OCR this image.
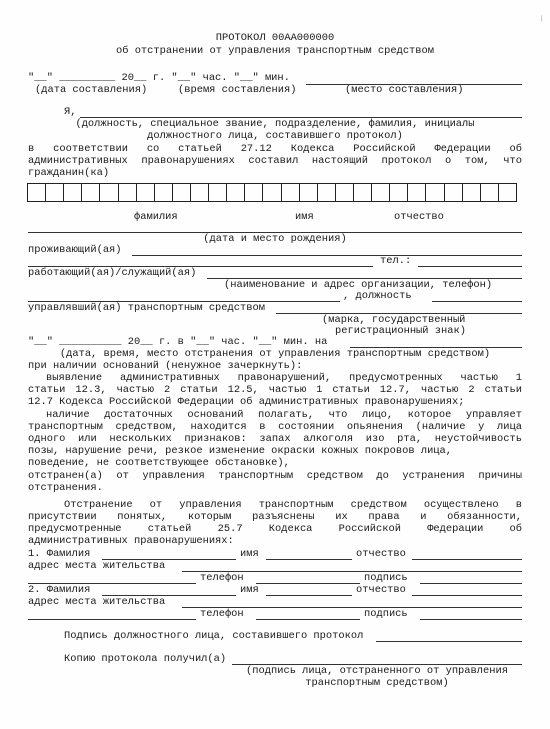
|
ПРОТОКОЛ 00АА000000
об отстранении от управления транспортным средством
"__" _________ 20__ г. "__" час. "__" мин.
(дата составления)	(время составления)	(место составления)
Я,
(должность, специальное звание, подразделение, фамилия, инициалы
должностного лица, составившего протокол)
в соответствии со статьей 27.12 Кодекса Российской Федерации об
административных правонарушениях составил настоящий протокол о том, что
гражданин(ка)
фамилия	имя	отчество
(дата и место рождения)
проживающий(ая)
тел.:
работающий(ая)/служащий(ая)
(наименование и адрес организации, телефон)
, должность
управлявший(ая) транспортным средством
(марка, государственный
регистрационный знак)
"__" __________ 20__ г. в "__" час. "__" мин. на
(дата, время, место отстранения от управления транспортным средством)
при наличии оснований (ненужное зачеркнуть):
выявление административных правонарушений, предусмотренных частью 1
статьи 12.3, частью 2 статьи 12.5, частью 1 статьи 12.7, частью 2 статьи
12.7 Кодекса Российской Федерации об административных правонарушениях;
наличие достаточных оснований полагать, что лицо, которое управляет
транспортным средством, находится в состоянии опьянения (наличие у лица
одного или нескольких признаков: запах алкоголя изо рта, неустойчивость
позы, нарушение речи, резкое изменение окраски кожных покровов лица,
поведение, не соответствующее обстановке),
отстранен(а) от управления транспортным средством до устранения причины
отстранения.
Отстранение от управления транспортным средством осуществлено в
присутствии понятых, которым разъяснены их права и обязанности,
предусмотренные статьей 25.7 Кодекса Российской Федерации об
административных правонарушениях:
1. Фамилия	имя	отчество
адрес места жительства
телефон	подпись
2. Фамилия	имя	отчество
адрес места жительства
телефон	подпись
Подпись должностного лица, составившего протокол
Копию протокола получил(а)
(подпись лица, отстраненного от управления
транспортным средством)
